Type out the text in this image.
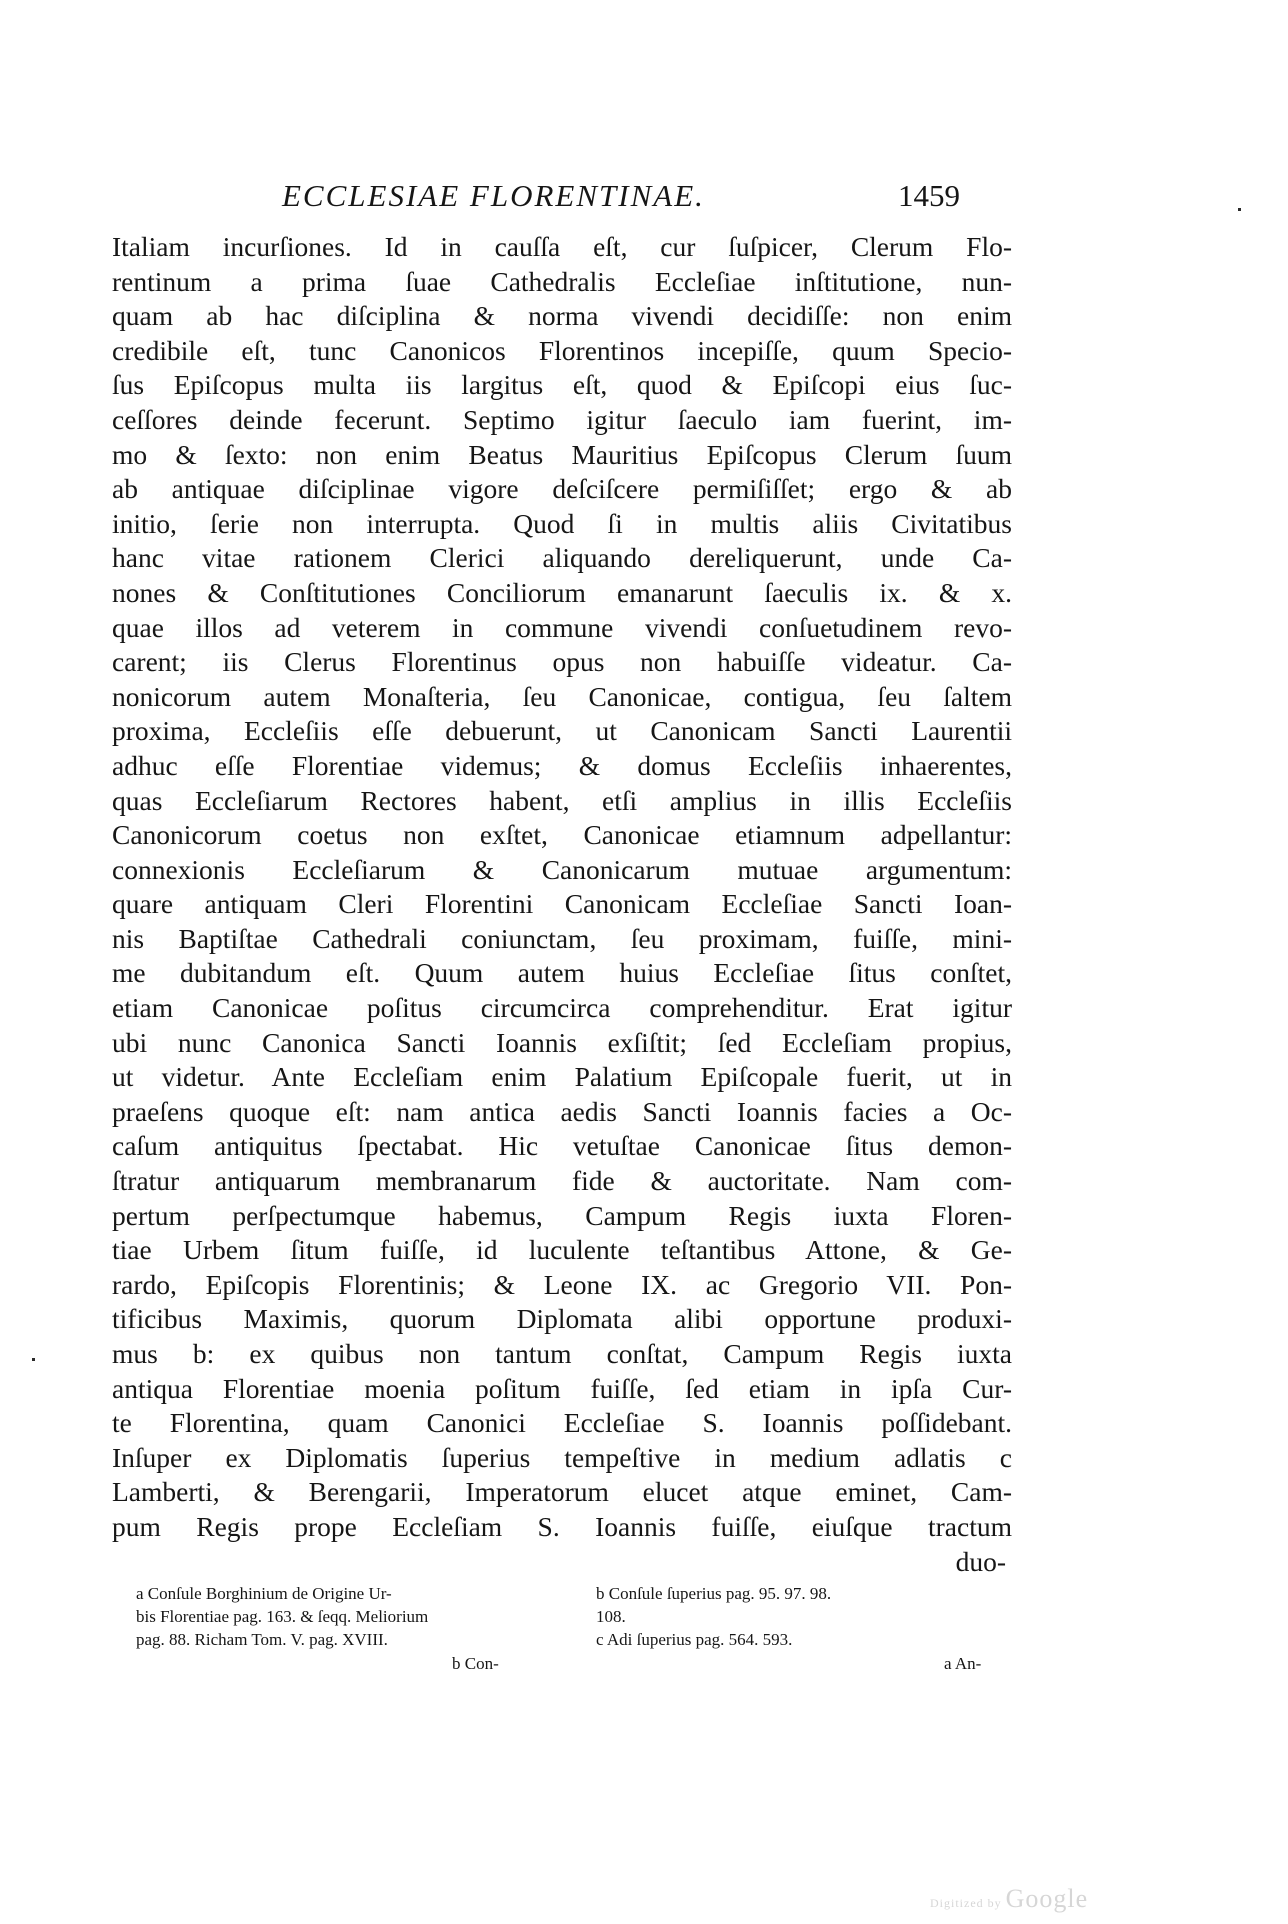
ECCLESIAE FLORENTINAE.	1459
Italiam incurſiones. Id in cauſſa eſt, cur ſuſpicer, Clerum Flo-
rentinum a prima ſuae Cathedralis Eccleſiae inſtitutione, nun-
quam ab hac diſciplina & norma vivendi decidiſſe: non enim
credibile eſt, tunc Canonicos Florentinos incepiſſe, quum Specio-
ſus Epiſcopus multa iis largitus eſt, quod & Epiſcopi eius ſuc-
ceſſores deinde fecerunt. Septimo igitur ſaeculo iam fuerint, im-
mo & ſexto: non enim Beatus Mauritius Epiſcopus Clerum ſuum
ab antiquae diſciplinae vigore deſciſcere permiſiſſet; ergo & ab
initio, ſerie non interrupta. Quod ſi in multis aliis Civitatibus
hanc vitae rationem Clerici aliquando dereliquerunt, unde Ca-
nones & Conſtitutiones Conciliorum emanarunt ſaeculis ix. & x.
quae illos ad veterem in commune vivendi conſuetudinem revo-
carent; iis Clerus Florentinus opus non habuiſſe videatur. Ca-
nonicorum autem Monaſteria, ſeu Canonicae, contigua, ſeu ſaltem
proxima, Eccleſiis eſſe debuerunt, ut Canonicam Sancti Laurentii
adhuc eſſe Florentiae videmus; & domus Eccleſiis inhaerentes,
quas Eccleſiarum Rectores habent, etſi amplius in illis Eccleſiis
Canonicorum coetus non exſtet, Canonicae etiamnum adpellantur:
connexionis Eccleſiarum & Canonicarum mutuae argumentum:
quare antiquam Cleri Florentini Canonicam Eccleſiae Sancti Ioan-
nis Baptiſtae Cathedrali coniunctam, ſeu proximam, fuiſſe, mini-
me dubitandum eſt. Quum autem huius Eccleſiae ſitus conſtet,
etiam Canonicae poſitus circumcirca comprehenditur. Erat igitur
ubi nunc Canonica Sancti Ioannis exſiſtit; ſed Eccleſiam propius,
ut videtur. Ante Eccleſiam enim Palatium Epiſcopale fuerit, ut in
praeſens quoque eſt: nam antica aedis Sancti Ioannis facies a Oc-
caſum antiquitus ſpectabat. Hic vetuſtae Canonicae ſitus demon-
ſtratur antiquarum membranarum fide & auctoritate. Nam com-
pertum perſpectumque habemus, Campum Regis iuxta Floren-
tiae Urbem ſitum fuiſſe, id luculente teſtantibus Attone, & Ge-
rardo, Epiſcopis Florentinis; & Leone IX. ac Gregorio VII. Pon-
tificibus Maximis, quorum Diplomata alibi opportune produxi-
mus b: ex quibus non tantum conſtat, Campum Regis iuxta
antiqua Florentiae moenia poſitum fuiſſe, ſed etiam in ipſa Cur-
te Florentina, quam Canonici Eccleſiae S. Ioannis poſſidebant.
Inſuper ex Diplomatis ſuperius tempeſtive in medium adlatis c
Lamberti, & Berengarii, Imperatorum elucet atque eminet, Cam-
pum Regis prope Eccleſiam S. Ioannis fuiſſe, eiuſque tractum
duo-
a Conſule Borghinium de Origine Ur-
bis Florentiae pag. 163. & ſeqq. Meliorium
pag. 88. Richam Tom. V. pag. XVIII.
b Con-
b Conſule ſuperius pag. 95. 97. 98.
108.
c Adi ſuperius pag. 564. 593.
a An-
Digitized by Google
